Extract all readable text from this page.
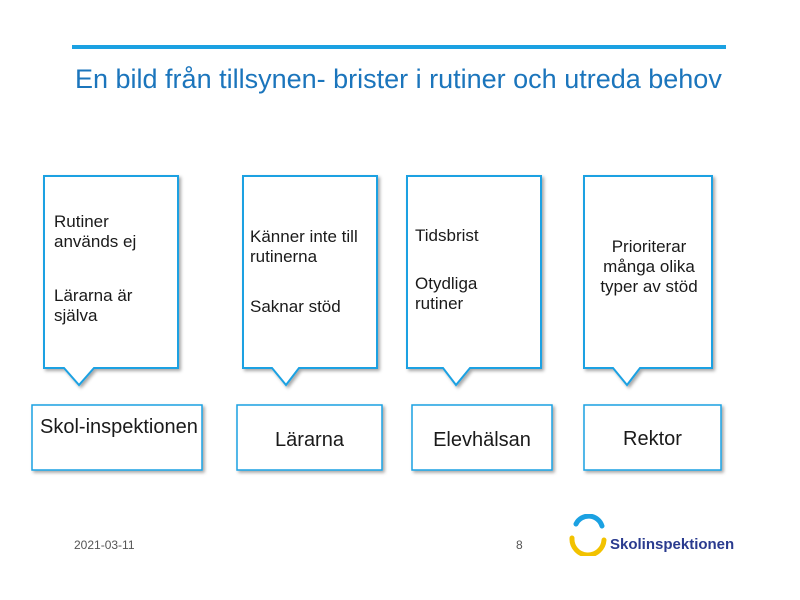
En bild från tillsynen- brister i rutiner och utreda behov
Rutiner används ej
Lärarna är själva
Känner inte till rutinerna
Saknar stöd
Tidsbrist
Otydliga rutiner
Prioriterar många olika typer av stöd
Skol-inspektionen
Lärarna	Elevhälsan	Rektor
2021-03-11	8	Skolinspektionen
